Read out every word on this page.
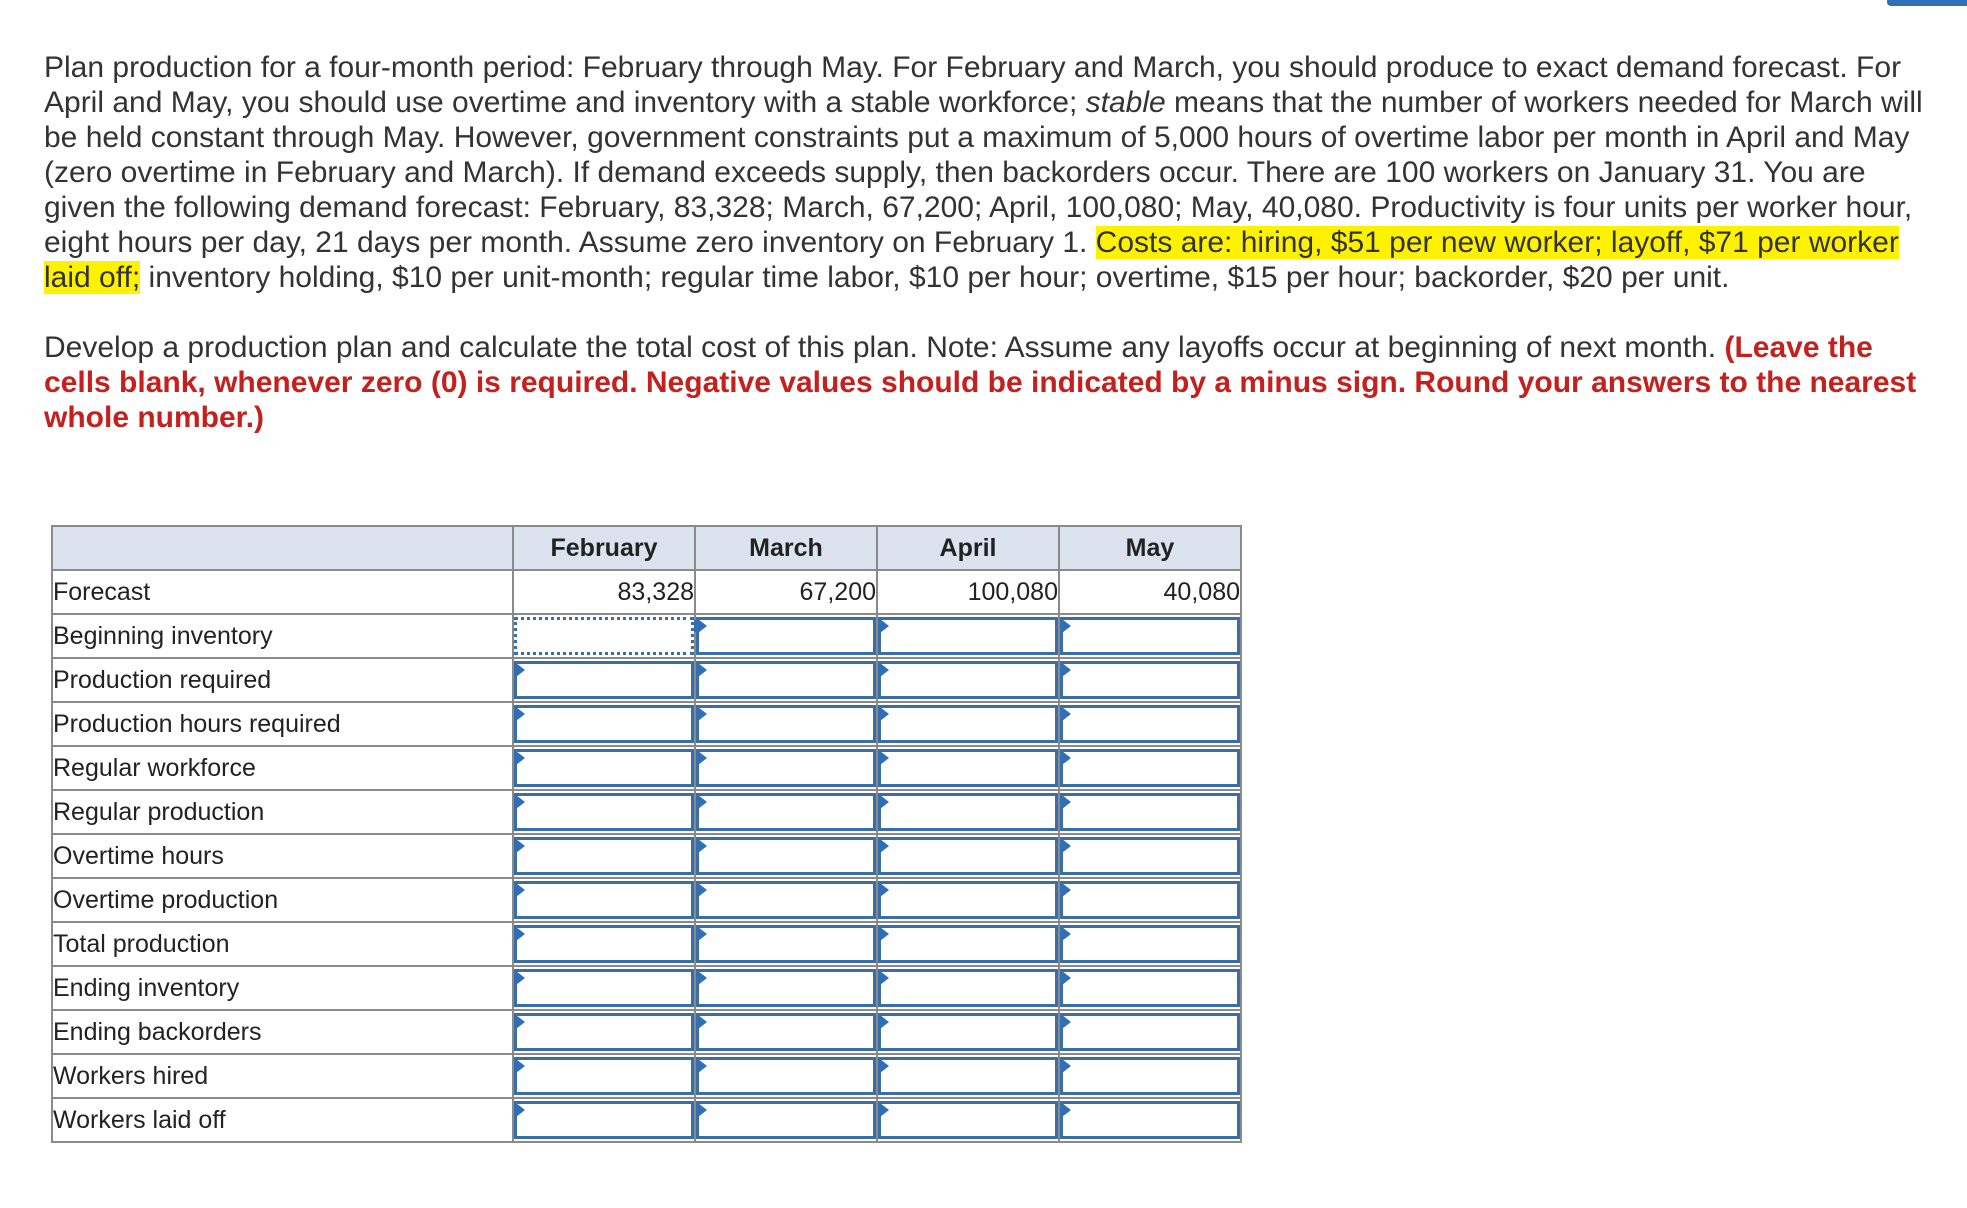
Plan production for a four-month period: February through May. For February and March, you should produce to exact demand forecast. For April and May, you should use overtime and inventory with a stable workforce; stable means that the number of workers needed for March will be held constant through May. However, government constraints put a maximum of 5,000 hours of overtime labor per month in April and May (zero overtime in February and March). If demand exceeds supply, then backorders occur. There are 100 workers on January 31. You are given the following demand forecast: February, 83,328; March, 67,200; April, 100,080; May, 40,080. Productivity is four units per worker hour, eight hours per day, 21 days per month. Assume zero inventory on February 1. Costs are: hiring, $51 per new worker; layoff, $71 per worker laid off; inventory holding, $10 per unit-month; regular time labor, $10 per hour; overtime, $15 per hour; backorder, $20 per unit.

Develop a production plan and calculate the total cost of this plan. Note: Assume any layoffs occur at beginning of next month. (Leave the cells blank, whenever zero (0) is required. Negative values should be indicated by a minus sign. Round your answers to the nearest whole number.)

	February	March	April	May
Forecast	83,328	67,200	100,080	40,080
Beginning inventory	

Production required	

Production hours required	

Regular workforce	

Regular production	

Overtime hours	

Overtime production	

Total production	

Ending inventory	

Ending backorders	

Workers hired	

Workers laid off	
